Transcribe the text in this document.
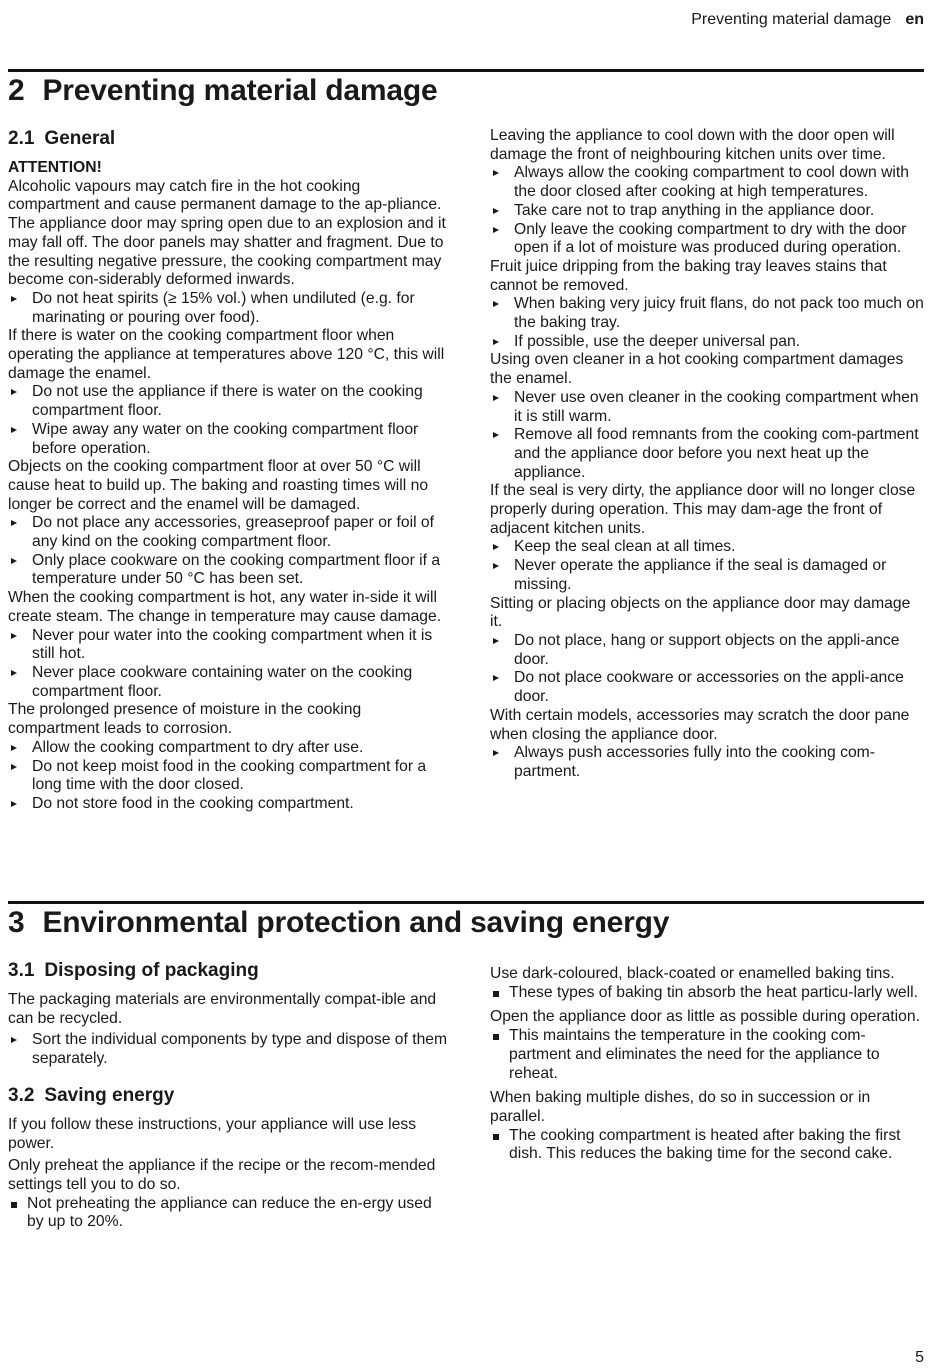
Preventing material damage en
2 Preventing material damage
2.1 General

ATTENTION!

Alcoholic vapours may catch fire in the hot cooking compartment and cause permanent damage to the ap-pliance. The appliance door may spring open due to an explosion and it may fall off. The door panels may shatter and fragment. Due to the resulting negative pressure, the cooking compartment may become con-siderably deformed inwards.

Do not heat spirits (≥ 15% vol.) when undiluted (e.g. for marinating or pouring over food).

If there is water on the cooking compartment floor when operating the appliance at temperatures above 120 °C, this will damage the enamel.

Do not use the appliance if there is water on the cooking compartment floor.

Wipe away any water on the cooking compartment floor before operation.

Objects on the cooking compartment floor at over 50 °C will cause heat to build up. The baking and roasting times will no longer be correct and the enamel will be damaged.

Do not place any accessories, greaseproof paper or foil of any kind on the cooking compartment floor.

Only place cookware on the cooking compartment floor if a temperature under 50 °C has been set.

When the cooking compartment is hot, any water in-side it will create steam. The change in temperature may cause damage.

Never pour water into the cooking compartment when it is still hot.

Never place cookware containing water on the cooking compartment floor.

The prolonged presence of moisture in the cooking compartment leads to corrosion.

Allow the cooking compartment to dry after use.

Do not keep moist food in the cooking compartment for a long time with the door closed.

Do not store food in the cooking compartment.

Leaving the appliance to cool down with the door open will damage the front of neighbouring kitchen units over time.

Always allow the cooking compartment to cool down with the door closed after cooking at high temperatures.

Take care not to trap anything in the appliance door.

Only leave the cooking compartment to dry with the door open if a lot of moisture was produced during operation.

Fruit juice dripping from the baking tray leaves stains that cannot be removed.

When baking very juicy fruit flans, do not pack too much on the baking tray.

If possible, use the deeper universal pan.

Using oven cleaner in a hot cooking compartment damages the enamel.

Never use oven cleaner in the cooking compartment when it is still warm.

Remove all food remnants from the cooking com-partment and the appliance door before you next heat up the appliance.

If the seal is very dirty, the appliance door will no longer close properly during operation. This may dam-age the front of adjacent kitchen units.

Keep the seal clean at all times.

Never operate the appliance if the seal is damaged or missing.

Sitting or placing objects on the appliance door may damage it.

Do not place, hang or support objects on the appli-ance door.

Do not place cookware or accessories on the appli-ance door.

With certain models, accessories may scratch the door pane when closing the appliance door.

Always push accessories fully into the cooking com-partment.

3 Environmental protection and saving energy
3.1 Disposing of packaging

The packaging materials are environmentally compat-ible and can be recycled.

Sort the individual components by type and dispose of them separately.

3.2 Saving energy

If you follow these instructions, your appliance will use less power.

Only preheat the appliance if the recipe or the recom-mended settings tell you to do so.

Not preheating the appliance can reduce the en-ergy used by up to 20%.

Use dark-coloured, black-coated or enamelled baking tins.

These types of baking tin absorb the heat particu-larly well.

Open the appliance door as little as possible during operation.

This maintains the temperature in the cooking com-partment and eliminates the need for the appliance to reheat.

When baking multiple dishes, do so in succession or in parallel.

The cooking compartment is heated after baking the first dish. This reduces the baking time for the second cake.

5
